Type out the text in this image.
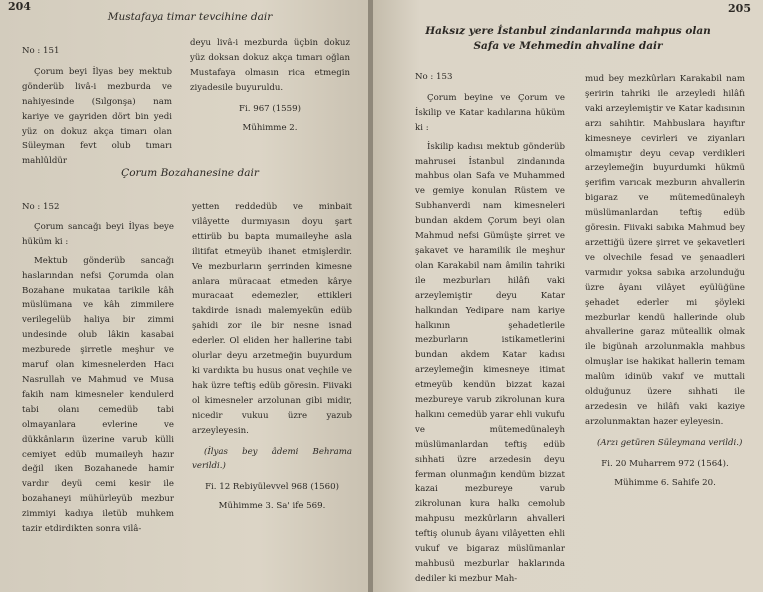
204
Mustafaya timar tevcihine dair

No : 151

Çorum beyi İlyas bey mektub gönderüb livâ-i mezburda ve nahiyesinde (Sılgonşa) nam kariye ve gayriden dört bin yedi yüz on dokuz akça timarı olan Süleyman fevt olub tımarı mahlûldür

deyu livâ-i mezburda üçbin dokuz yüz doksan dokuz akça tımarı oğlan Mustafaya olmasın rica etmegin ziyadesile buyuruldu.

Fi. 967 (1559)

Mühimme 2.

Çorum Bozahanesine dair

No : 152

Çorum sancağı beyi İlyas beye hüküm ki :

Mektub gönderüb sancağı haslarından nefsi Çorumda olan Bozahane mukataa tarikile kâh müslümana ve kâh zimmilere verilegelüb haliya bir zimmi undesinde olub lâkin kasabai mezburede şirretle meşhur ve maruf olan kimesnelerden Hacı Nasrullah ve Mahmud ve Musa fakih nam kimesneler kendulerd tabi olanı cemedüb tabi olmayanlara evlerine ve dükkânların üzerine varub külli cemiyet edüb mumaileyh hazır değil iken Bozahanede hamir vardır deyü cemi kesir ile bozahaneyi mühürleyüb mezbur zimmiyi kadıya iletüb muhkem tazir etdirdikten sonra vilâ-

yetten reddedüb ve minbait vilâyette durmıyasın doyu şart ettirüb bu bapta mumaileyhe asla ilitifat etmeyüb ihanet etmişlerdir. Ve mezburların şerrinden kimesne anlara müracaat etmeden kârye muracaat edemezler, ettikleri takdirde isnadı malemyekün edüb şahidi zor ile bir nesne isnad ederler. Ol eliden her hallerine tabi olurlar deyu arzetmeğin buyurdum ki vardıkta bu husus onat veçhile ve hak üzre teftiş edüb göresin. Fiivaki ol kimesneler arzolunan gibi midir, nicedir vukuu üzre yazub arzeyleyesin.

(İlyas bey âdemi Behrama verildi.)

Fi. 12 Rebiyülevvel 968 (1560)

Mühimme 3. Sa' ife 569.

205
Haksız yere İstanbul zindanlarında mahpus olan
Safa ve Mehmedin ahvaline dair

No : 153

Çorum beyine ve Çorum ve İskilip ve Katar kadılarına hüküm ki :

İskilip kadısı mektub gönderüb mahrusei İstanbul zindanında mahbus olan Safa ve Muhammed ve gemiye konulan Rüstem ve Subhanverdi nam kimesneleri bundan akdem Çorum beyi olan Mahmud nefsi Gümüşte şirret ve şakavet ve haramilik ile meşhur olan Karakabil nam âmilin tahriki ile mezburları hilâfı vaki arzeylemiştir deyu Katar halkından Yedipare nam kariye halkının şehadetlerile mezburların istikametlerini bundan akdem Katar kadısı arzeylemeğin kimesneye itimat etmeyüb kendün bizzat kazai mezbureye varub zikrolunan kura halkını cemedüb yarar ehli vukufu ve mütemedünaleyh müslümanlardan teftiş edüb sıhhati üzre arzedesin deyu ferman olunmağın kendüm bizzat kazai mezbureye varub zikrolunan kura halkı cemolub mahpusu mezkûrların ahvalleri teftiş olunub âyanı vilâyetten ehli vukuf ve bigaraz müslümanlar mahbusü mezburlar haklarında dediler ki mezbur Mah-

mud bey mezkûrları Karakabil nam şeririn tahriki ile arzeyledi hilâfı vaki arzeylemiştir ve Katar kadısının arzı sahihtir. Mahbuslara hayıftır kimesneye cevirleri ve ziyanları olmamıştır deyu cevap verdikleri arzeylemeğin buyurdumki hükmü şerifim varıcak mezburın ahvallerin bigaraz ve mütemedünaleyh müslümanlardan teftiş edüb göresin. Fiivaki sabıka Mahmud bey arzettiğü üzere şirret ve şekavetleri ve olvechile fesad ve şenaadleri varmıdır yoksa sabıka arzolunduğu üzre âyanı vilâyet eyülüğüne şehadet ederler mi şöyleki mezburlar kendü hallerinde olub ahvallerine garaz müteallik olmak ile bigünah arzolunmakla mahbus olmuşlar ise hakikat hallerin temam malûm idinüb vakıf ve muttali olduğunuz üzere sıhhati ile arzedesin ve hilâfı vaki kaziye arzolunmaktan hazer eyleyesin.

(Arzı getüren Süleymana verildi.)

Fi. 20 Muharrem 972 (1564).

Mühimme 6. Sahife 20.
